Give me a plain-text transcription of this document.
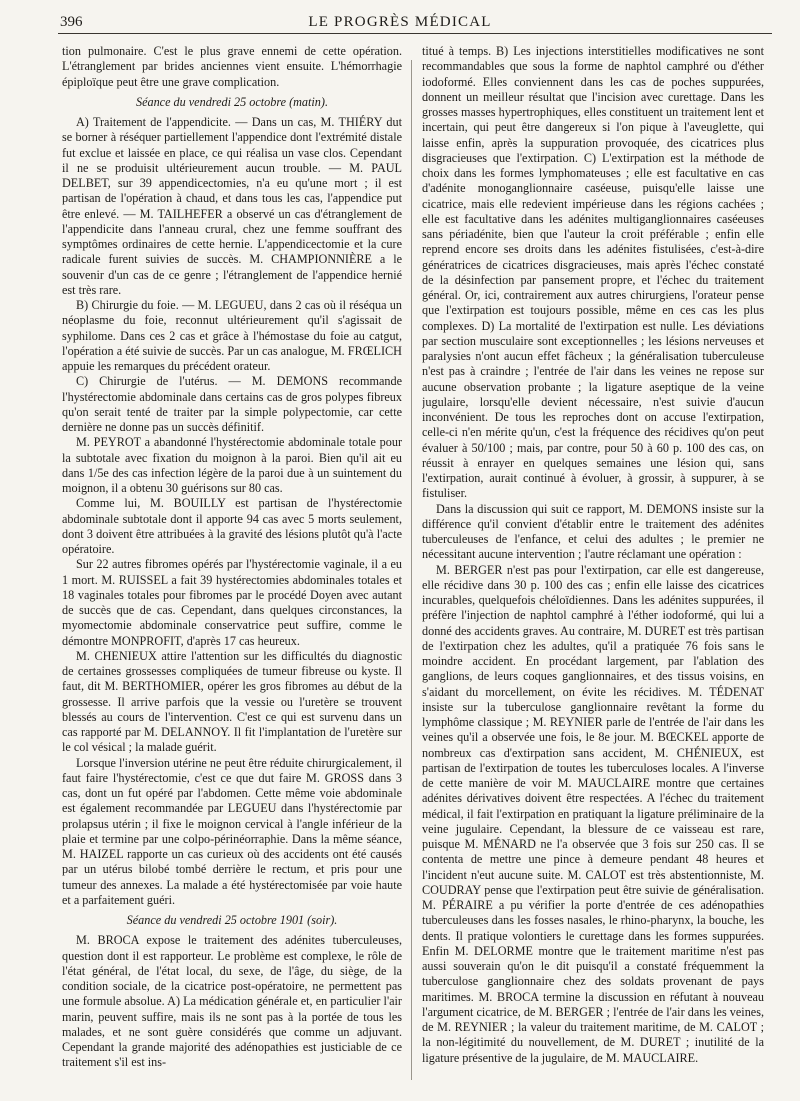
396	LE PROGRÈS MÉDICAL

tion pulmonaire. C'est le plus grave ennemi de cette opération. L'étranglement par brides anciennes vient ensuite. L'hémorrhagie épiploïque peut être une grave complication.

Séance du vendredi 25 octobre (matin).

A) Traitement de l'appendicite. — Dans un cas, M. THIÉRY dut se borner à réséquer partiellement l'appendice dont l'extrémité distale fut exclue et laissée en place, ce qui réalisa un vase clos. Cependant il ne se produisit ultérieurement aucun trouble. — M. PAUL DELBET, sur 39 appendicectomies, n'a eu qu'une mort ; il est partisan de l'opération à chaud, et dans tous les cas, l'appendice put être enlevé. — M. TAILHEFER a observé un cas d'étranglement de l'appendicite dans l'anneau crural, chez une femme souffrant des symptômes ordinaires de cette hernie. L'appendicectomie et la cure radicale furent suivies de succès. M. CHAMPIONNIÈRE a le souvenir d'un cas de ce genre ; l'étranglement de l'appendice hernié est très rare.

B) Chirurgie du foie. — M. LEGUEU, dans 2 cas où il réséqua un néoplasme du foie, reconnut ultérieurement qu'il s'agissait de syphilome. Dans ces 2 cas et grâce à l'hémostase du foie au catgut, l'opération a été suivie de succès. Par un cas analogue, M. FRŒLICH appuie les remarques du précédent orateur.

C) Chirurgie de l'utérus. — M. DEMONS recommande l'hystérectomie abdominale dans certains cas de gros polypes fibreux qu'on serait tenté de traiter par la simple polypectomie, car cette dernière ne donne pas un succès définitif.

M. PEYROT a abandonné l'hystérectomie abdominale totale pour la subtotale avec fixation du moignon à la paroi. Bien qu'il ait eu dans 1/5e des cas infection légère de la paroi due à un suintement du moignon, il a obtenu 30 guérisons sur 80 cas.

Comme lui, M. BOUILLY est partisan de l'hystérectomie abdominale subtotale dont il apporte 94 cas avec 5 morts seulement, dont 3 doivent être attribuées à la gravité des lésions plutôt qu'à l'acte opératoire.

Sur 22 autres fibromes opérés par l'hystérectomie vaginale, il a eu 1 mort. M. RUISSEL a fait 39 hystérectomies abdominales totales et 18 vaginales totales pour fibromes par le procédé Doyen avec autant de succès que de cas. Cependant, dans quelques circonstances, la myomectomie abdominale conservatrice peut suffire, comme le démontre MONPROFIT, d'après 17 cas heureux.

M. CHENIEUX attire l'attention sur les difficultés du diagnostic de certaines grossesses compliquées de tumeur fibreuse ou kyste. Il faut, dit M. BERTHOMIER, opérer les gros fibromes au début de la grossesse. Il arrive parfois que la vessie ou l'uretère se trouvent blessés au cours de l'intervention. C'est ce qui est survenu dans un cas rapporté par M. DELANNOY. Il fit l'implantation de l'uretère sur le col vésical ; la malade guérit.

Lorsque l'inversion utérine ne peut être réduite chirurgicalement, il faut faire l'hystérectomie, c'est ce que dut faire M. GROSS dans 3 cas, dont un fut opéré par l'abdomen. Cette même voie abdominale est également recommandée par LEGUEU dans l'hystérectomie par prolapsus utérin ; il fixe le moignon cervical à l'angle inférieur de la plaie et termine par une colpo-périnéorraphie. Dans la même séance, M. HAIZEL rapporte un cas curieux où des accidents ont été causés par un utérus bilobé tombé derrière le rectum, et pris pour une tumeur des annexes. La malade a été hystérectomisée par voie haute et a parfaitement guéri.

Séance du vendredi 25 octobre 1901 (soir).

M. BROCA expose le traitement des adénites tuberculeuses, question dont il est rapporteur. Le problème est complexe, le rôle de l'état général, de l'état local, du sexe, de l'âge, du siège, de la condition sociale, de la cicatrice post-opératoire, ne permettent pas une formule absolue. A) La médication générale et, en particulier l'air marin, peuvent suffire, mais ils ne sont pas à la portée de tous les malades, et ne sont guère considérés que comme un adjuvant. Cependant la grande majorité des adénopathies est justiciable de ce traitement s'il est ins-

titué à temps. B) Les injections interstitielles modificatives ne sont recommandables que sous la forme de naphtol camphré ou d'éther iodoformé. Elles conviennent dans les cas de poches suppurées, donnent un meilleur résultat que l'incision avec curettage. Dans les grosses masses hypertrophiques, elles constituent un traitement lent et incertain, qui peut être dangereux si l'on pique à l'aveuglette, qui laisse enfin, après la suppuration provoquée, des cicatrices plus disgracieuses que l'extirpation. C) L'extirpation est la méthode de choix dans les formes lymphomateuses ; elle est facultative en cas d'adénite monoganglionnaire caséeuse, puisqu'elle laisse une cicatrice, mais elle redevient impérieuse dans les régions cachées ; elle est facultative dans les adénites multiganglionnaires caséeuses sans périadénite, bien que l'auteur la croit préférable ; enfin elle reprend encore ses droits dans les adénites fistulisées, c'est-à-dire génératrices de cicatrices disgracieuses, mais après l'échec constaté de la désinfection par pansement propre, et l'échec du traitement général. Or, ici, contrairement aux autres chirurgiens, l'orateur pense que l'extirpation est toujours possible, même en ces cas les plus complexes. D) La mortalité de l'extirpation est nulle. Les déviations par section musculaire sont exceptionnelles ; les lésions nerveuses et paralysies n'ont aucun effet fâcheux ; la généralisation tuberculeuse n'est pas à craindre ; l'entrée de l'air dans les veines ne repose sur aucune observation probante ; la ligature aseptique de la veine jugulaire, lorsqu'elle devient nécessaire, n'est suivie d'aucun inconvénient. De tous les reproches dont on accuse l'extirpation, celle-ci n'en mérite qu'un, c'est la fréquence des récidives qu'on peut évaluer à 50/100 ; mais, par contre, pour 50 à 60 p. 100 des cas, on réussit à enrayer en quelques semaines une lésion qui, sans l'extirpation, aurait continué à évoluer, à grossir, à suppurer, à se fistuliser.

Dans la discussion qui suit ce rapport, M. DEMONS insiste sur la différence qu'il convient d'établir entre le traitement des adénites tuberculeuses de l'enfance, et celui des adultes ; le premier ne nécessitant aucune intervention ; l'autre réclamant une opération :

M. BERGER n'est pas pour l'extirpation, car elle est dangereuse, elle récidive dans 30 p. 100 des cas ; enfin elle laisse des cicatrices incurables, quelquefois chéloïdiennes. Dans les adénites suppurées, il préfère l'injection de naphtol camphré à l'éther iodoformé, qui lui a donné des accidents graves. Au contraire, M. DURET est très partisan de l'extirpation chez les adultes, qu'il a pratiquée 76 fois sans le moindre accident. En procédant largement, par l'ablation des ganglions, de leurs coques ganglionnaires, et des tissus voisins, en s'aidant du morcellement, on évite les récidives. M. TÉDENAT insiste sur la tuberculose ganglionnaire revêtant la forme du lymphôme classique ; M. REYNIER parle de l'entrée de l'air dans les veines qu'il a observée une fois, le 8e jour. M. BŒCKEL apporte de nombreux cas d'extirpation sans accident, M. CHÉNIEUX, est partisan de l'extirpation de toutes les tuberculoses locales. A l'inverse de cette manière de voir M. MAUCLAIRE montre que certaines adénites dérivatives doivent être respectées. A l'échec du traitement médical, il fait l'extirpation en pratiquant la ligature préliminaire de la veine jugulaire. Cependant, la blessure de ce vaisseau est rare, puisque M. MÉNARD ne l'a observée que 3 fois sur 250 cas. Il se contenta de mettre une pince à demeure pendant 48 heures et l'incident n'eut aucune suite. M. CALOT est très abstentionniste, M. COUDRAY pense que l'extirpation peut être suivie de généralisation. M. PÉRAIRE a pu vérifier la porte d'entrée de ces adénopathies tuberculeuses dans les fosses nasales, le rhino-pharynx, la bouche, les dents. Il pratique volontiers le curettage dans les formes suppurées. Enfin M. DELORME montre que le traitement maritime n'est pas aussi souverain qu'on le dit puisqu'il a constaté fréquemment la tuberculose ganglionnaire chez des soldats provenant de pays maritimes. M. BROCA termine la discussion en réfutant à nouveau l'argument cicatrice, de M. BERGER ; l'entrée de l'air dans les veines, de M. REYNIER ; la valeur du traitement maritime, de M. CALOT ; la non-légitimité du nouvellement, de M. DURET ; inutilité de la ligature présentive de la jugulaire, de M. MAUCLAIRE.
